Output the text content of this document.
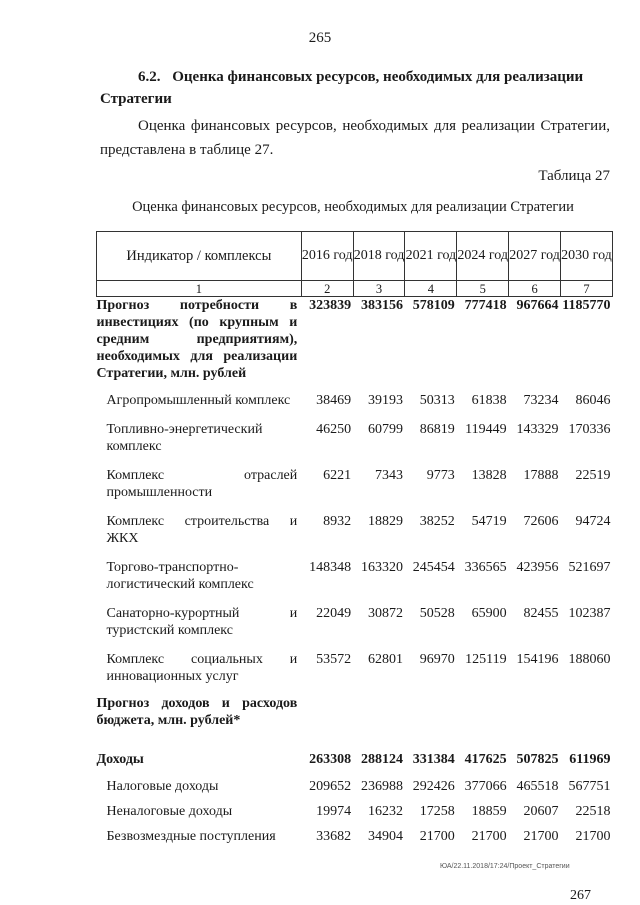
265
6.2. Оценка финансовых ресурсов, необходимых для реализации Стратегии
Оценка финансовых ресурсов, необходимых для реализации Стратегии, представлена в таблице 27.
Таблица 27
Оценка финансовых ресурсов, необходимых для реализации Стратегии
Индикатор / комплексы	2016 год	2018 год	2021 год	2024 год	2027 год	2030 год
1	2	3	4	5	6	7
Прогноз потребности в инвестициях (по крупным и средним предприятиям), необходимых для реализации Стратегии, млн. рублей	323839	383156	578109	777418	967664	1185770

Агропромышленный комплекс	38469	39193	50313	61838	73234	86046

Топливно-энергетический комплекс	46250	60799	86819	119449	143329	170336

Комплекс отраслей промышленности	6221	7343	9773	13828	17888	22519

Комплекс строительства и ЖКХ	8932	18829	38252	54719	72606	94724

Торгово-транспортно-логистический комплекс	148348	163320	245454	336565	423956	521697

Санаторно-курортный и туристский комплекс	22049	30872	50528	65900	82455	102387

Комплекс социальных и инновационных услуг	53572	62801	96970	125119	154196	188060

Прогноз доходов и расходов бюджета, млн. рублей*						

Доходы	263308	288124	331384	417625	507825	611969

Налоговые доходы	209652	236988	292426	377066	465518	567751

Неналоговые доходы	19974	16232	17258	18859	20607	22518

Безвозмездные поступления	33682	34904	21700	21700	21700	21700
ЮА/22.11.2018/17:24/Проект_Стратегии
267
